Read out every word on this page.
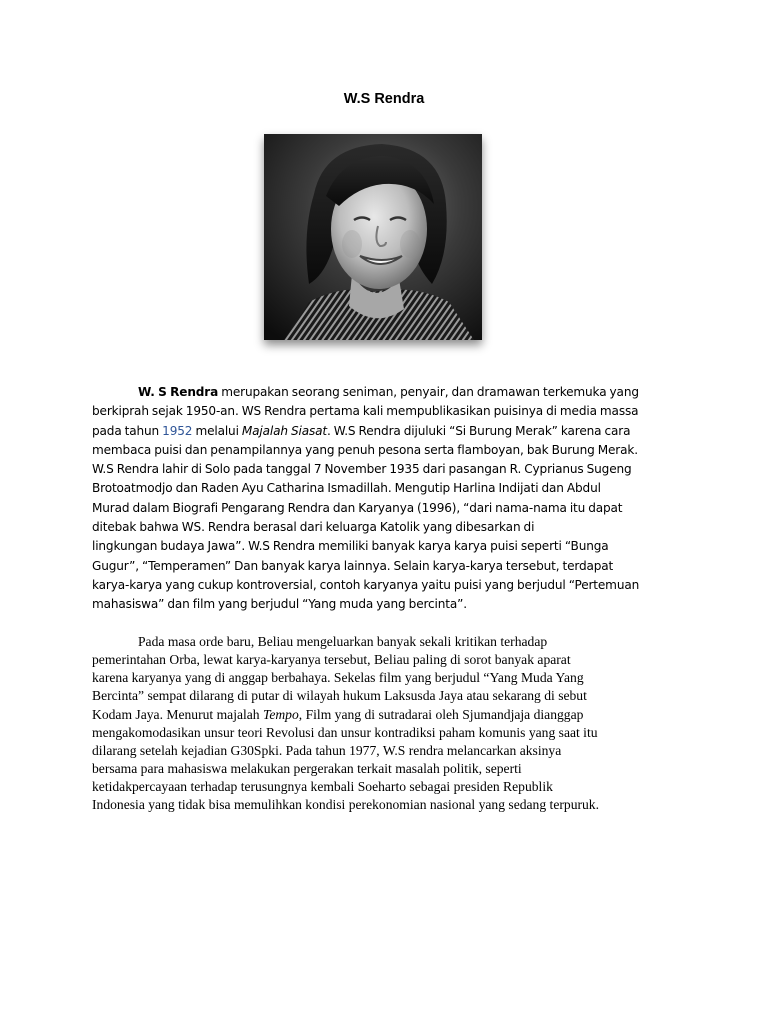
W.S Rendra
W. S Rendra merupakan seorang seniman, penyair, dan dramawan terkemuka yang
berkiprah sejak 1950-an. WS Rendra pertama kali mempublikasikan puisinya di media massa
pada tahun 1952 melalui Majalah Siasat. W.S Rendra dijuluki “Si Burung Merak” karena cara
membaca puisi dan penampilannya yang penuh pesona serta flamboyan, bak Burung Merak.
W.S Rendra lahir di Solo pada tanggal 7 November 1935 dari pasangan R. Cyprianus Sugeng
Brotoatmodjo dan Raden Ayu Catharina Ismadillah. Mengutip Harlina Indijati dan Abdul
Murad dalam Biografi Pengarang Rendra dan Karyanya (1996), “dari nama-nama itu dapat
ditebak bahwa WS. Rendra berasal dari keluarga Katolik yang dibesarkan di
lingkungan budaya Jawa”. W.S Rendra memiliki banyak karya karya puisi seperti “Bunga
Gugur”, “Temperamen” Dan banyak karya lainnya. Selain karya-karya tersebut, terdapat
karya-karya yang cukup kontroversial, contoh karyanya yaitu puisi yang berjudul “Pertemuan
mahasiswa” dan film yang berjudul “Yang muda yang bercinta”.
Pada masa orde baru, Beliau mengeluarkan banyak sekali kritikan terhadap
pemerintahan Orba, lewat karya-karyanya tersebut, Beliau paling di sorot banyak aparat
karena karyanya yang di anggap berbahaya. Sekelas film yang berjudul “Yang Muda Yang
Bercinta” sempat dilarang di putar di wilayah hukum Laksusda Jaya atau sekarang di sebut
Kodam Jaya. Menurut majalah Tempo, Film yang di sutradarai oleh Sjumandjaja dianggap
mengakomodasikan unsur teori Revolusi dan unsur kontradiksi paham komunis yang saat itu
dilarang setelah kejadian G30Spki. Pada tahun 1977, W.S rendra melancarkan aksinya
bersama para mahasiswa melakukan pergerakan terkait masalah politik, seperti
ketidakpercayaan terhadap terusungnya kembali Soeharto sebagai presiden Republik
Indonesia yang tidak bisa memulihkan kondisi perekonomian nasional yang sedang terpuruk.
